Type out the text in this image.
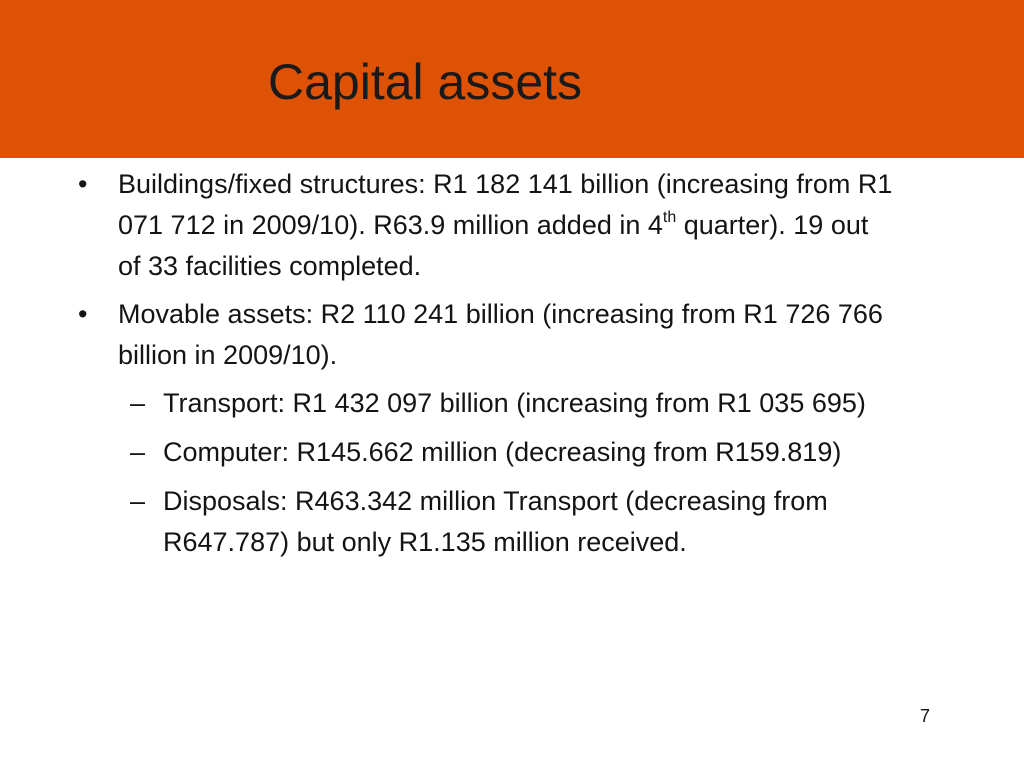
Capital assets

• Buildings/fixed structures: R1 182 141 billion (increasing from R1 071 712 in 2009/10). R63.9 million added in 4th quarter). 19 out of 33 facilities completed.

• Movable assets: R2 110 241 billion (increasing from R1 726 766 billion in 2009/10).

– Transport: R1 432 097 billion (increasing from R1 035 695)

– Computer: R145.662 million (decreasing from R159.819)

– Disposals: R463.342 million Transport (decreasing from R647.787) but only R1.135 million received.

7
